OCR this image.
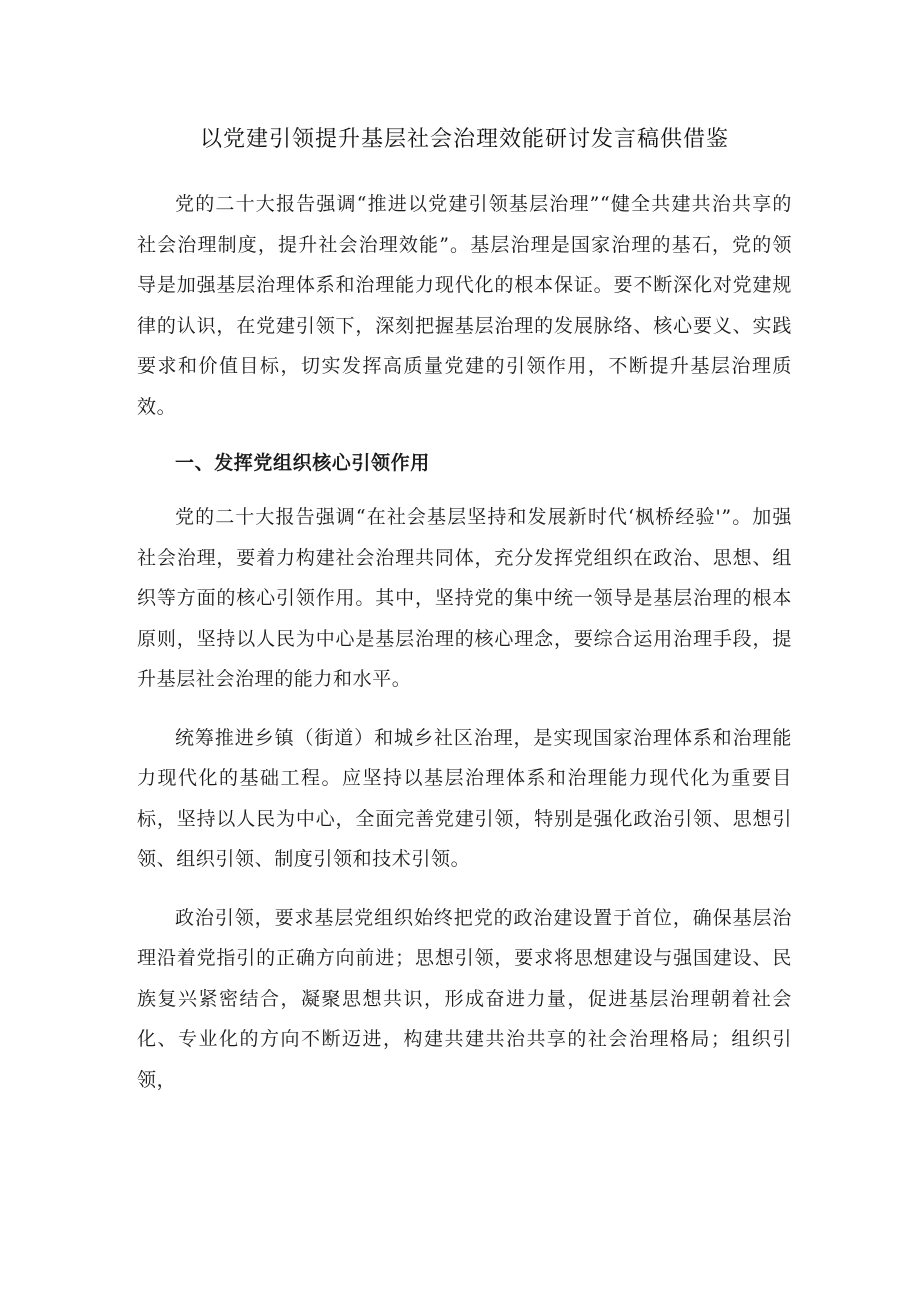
以党建引领提升基层社会治理效能研讨发言稿供借鉴

党的二十大报告强调“推进以党建引领基层治理”“健全共建共治共享的社会治理制度，提升社会治理效能”。基层治理是国家治理的基石，党的领导是加强基层治理体系和治理能力现代化的根本保证。要不断深化对党建规律的认识，在党建引领下，深刻把握基层治理的发展脉络、核心要义、实践要求和价值目标，切实发挥高质量党建的引领作用，不断提升基层治理质效。

一、发挥党组织核心引领作用

党的二十大报告强调“在社会基层坚持和发展新时代‘枫桥经验'”。加强社会治理，要着力构建社会治理共同体，充分发挥党组织在政治、思想、组织等方面的核心引领作用。其中，坚持党的集中统一领导是基层治理的根本原则，坚持以人民为中心是基层治理的核心理念，要综合运用治理手段，提升基层社会治理的能力和水平。

统筹推进乡镇（街道）和城乡社区治理，是实现国家治理体系和治理能力现代化的基础工程。应坚持以基层治理体系和治理能力现代化为重要目标，坚持以人民为中心，全面完善党建引领，特别是强化政治引领、思想引领、组织引领、制度引领和技术引领。

政治引领，要求基层党组织始终把党的政治建设置于首位，确保基层治理沿着党指引的正确方向前进；思想引领，要求将思想建设与强国建设、民族复兴紧密结合，凝聚思想共识，形成奋进力量，促进基层治理朝着社会化、专业化的方向不断迈进，构建共建共治共享的社会治理格局；组织引领，
